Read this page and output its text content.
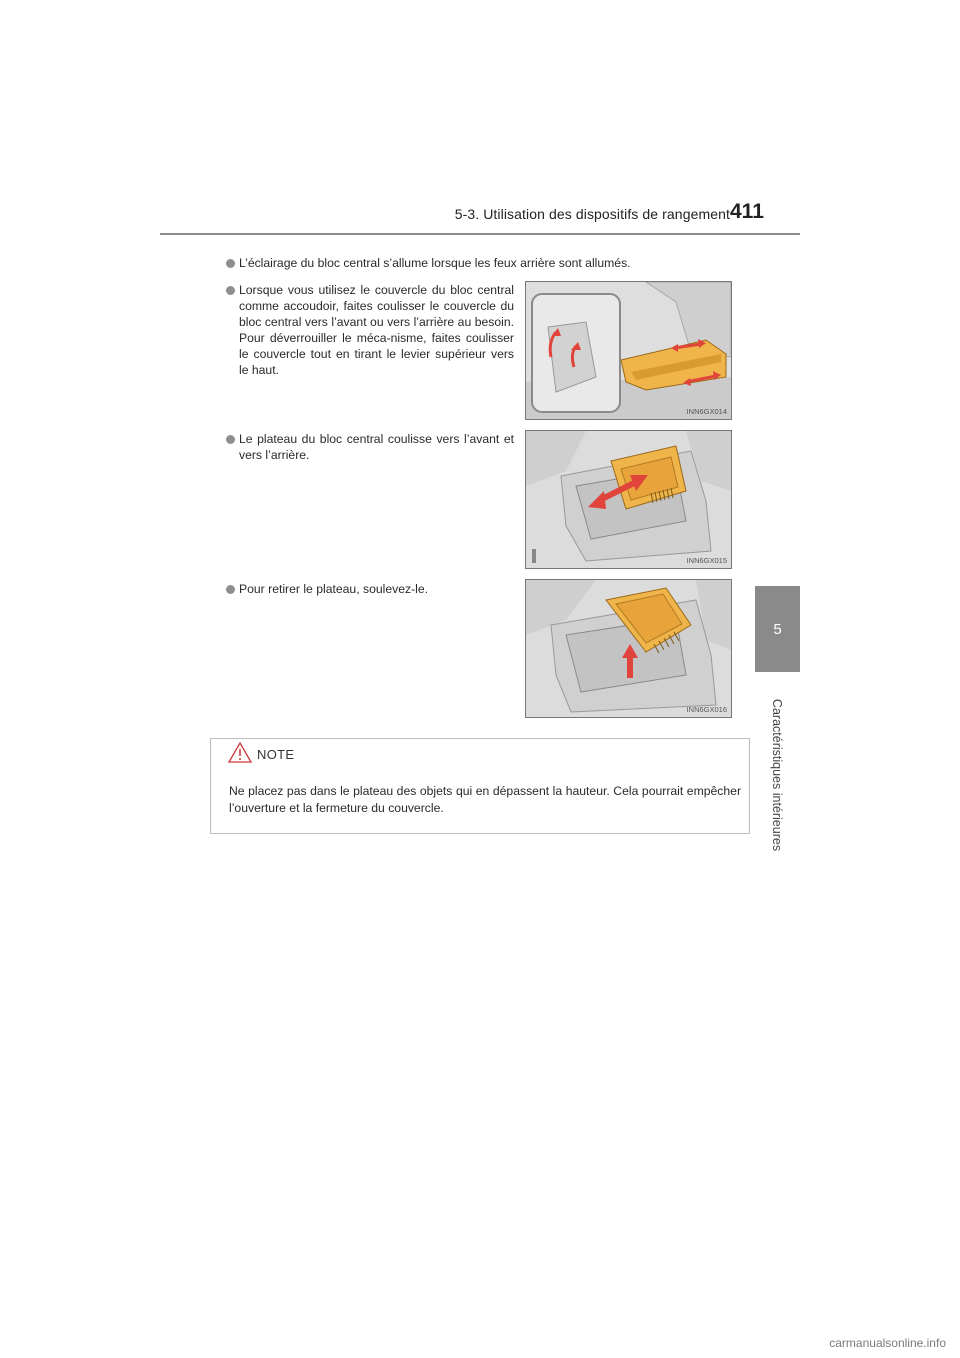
5-3. Utilisation des dispositifs de rangement 411
5
Caractéristiques intérieures
L’éclairage du bloc central s’allume lorsque les feux arrière sont allumés.
Lorsque vous utilisez le couvercle du bloc central comme accoudoir, faites coulisser le couvercle du bloc central vers l’avant ou vers l’arrière au besoin. Pour déverrouiller le méca-nisme, faites coulisser le couvercle tout en tirant le levier supérieur vers le haut.
Le plateau du bloc central coulisse vers l’avant et vers l’arrière.
Pour retirer le plateau, soulevez-le.
INN6GX014
INN6GX015
INN6GX016
NOTE
Ne placez pas dans le plateau des objets qui en dépassent la hauteur. Cela pourrait empêcher l’ouverture et la fermeture du couvercle.
carmanualsonline.info
